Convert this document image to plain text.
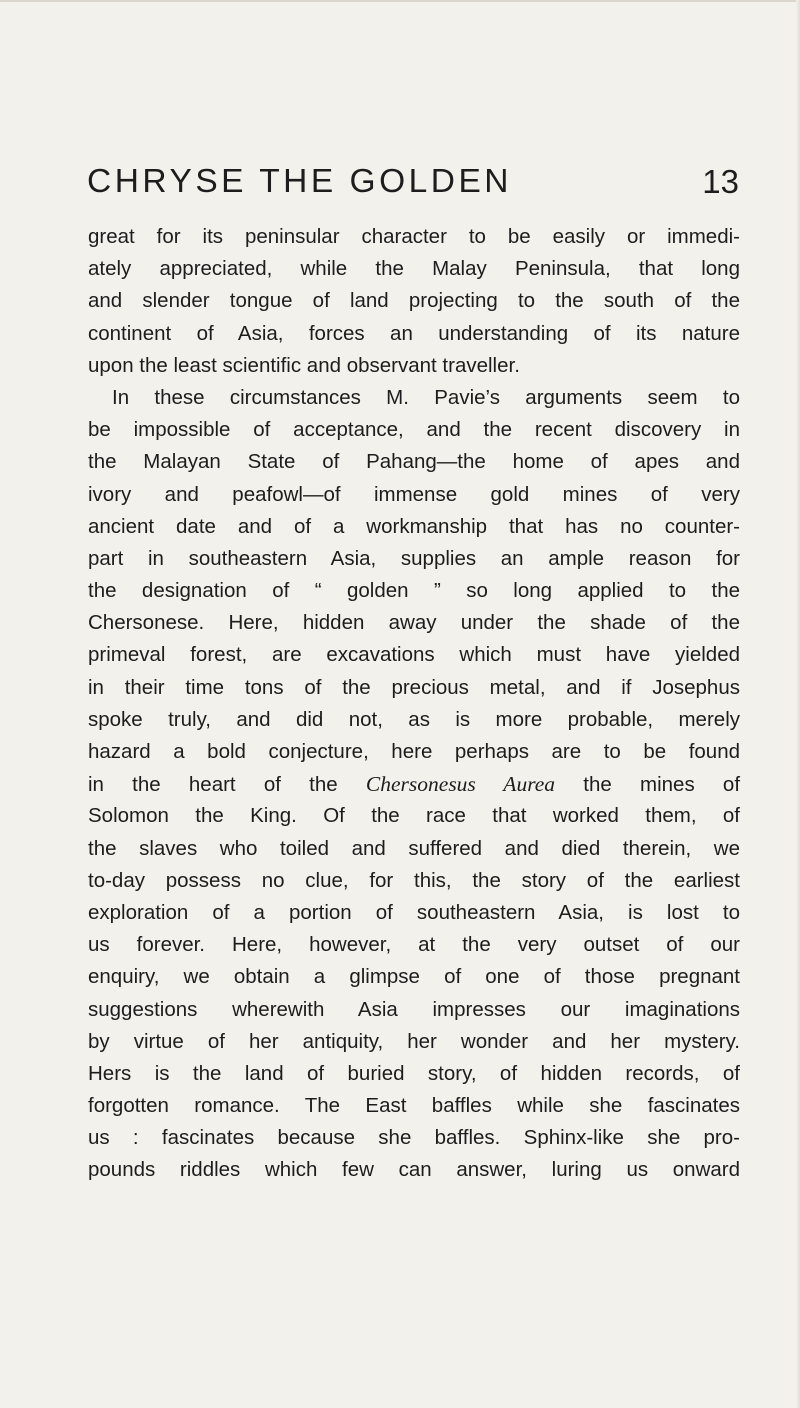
CHRYSE THE GOLDEN	13
great for its peninsular character to be easily or immedi-
ately appreciated, while the Malay Peninsula, that long
and slender tongue of land projecting to the south of the
continent of Asia, forces an understanding of its nature
upon the least scientific and observant traveller.
In these circumstances M. Pavie’s arguments seem to
be impossible of acceptance, and the recent discovery in
the Malayan State of Pahang—the home of apes and
ivory and peafowl—of immense gold mines of very
ancient date and of a workmanship that has no counter-
part in southeastern Asia, supplies an ample reason for
the designation of “ golden ” so long applied to the
Chersonese. Here, hidden away under the shade of the
primeval forest, are excavations which must have yielded
in their time tons of the precious metal, and if Josephus
spoke truly, and did not, as is more probable, merely
hazard a bold conjecture, here perhaps are to be found
in the heart of the Chersonesus Aurea the mines of
Solomon the King. Of the race that worked them, of
the slaves who toiled and suffered and died therein, we
to-day possess no clue, for this, the story of the earliest
exploration of a portion of southeastern Asia, is lost to
us forever. Here, however, at the very outset of our
enquiry, we obtain a glimpse of one of those pregnant
suggestions wherewith Asia impresses our imaginations
by virtue of her antiquity, her wonder and her mystery.
Hers is the land of buried story, of hidden records, of
forgotten romance. The East baffles while she fascinates
us : fascinates because she baffles. Sphinx-like she pro-
pounds riddles which few can answer, luring us onward
